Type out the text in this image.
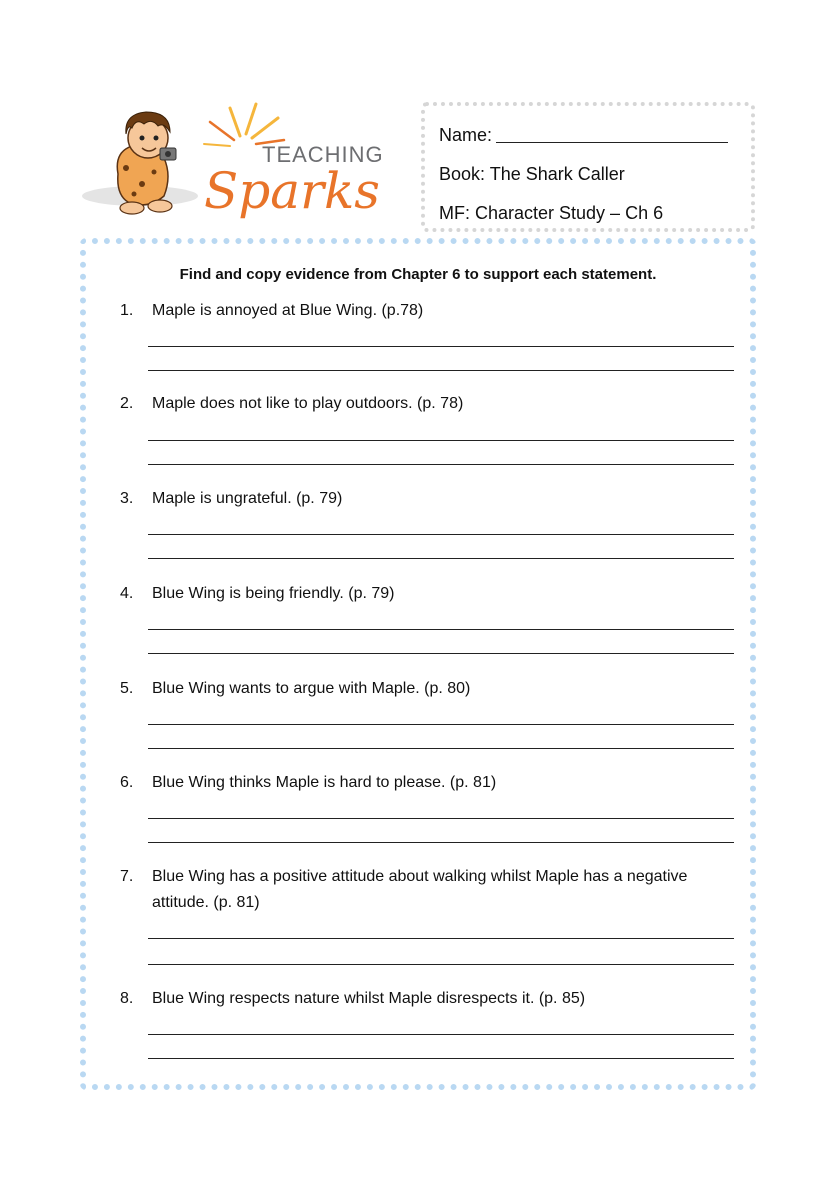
TEACHING
Sparks
Name:
Book: The Shark Caller
MF: Character Study – Ch 6
Find and copy evidence from Chapter 6 to support each statement.
1. Maple is annoyed at Blue Wing. (p.78)
2. Maple does not like to play outdoors. (p. 78)
3. Maple is ungrateful. (p. 79)
4. Blue Wing is being friendly. (p. 79)
5. Blue Wing wants to argue with Maple. (p. 80)
6. Blue Wing thinks Maple is hard to please. (p. 81)
7. Blue Wing has a positive attitude about walking whilst Maple has a negative attitude. (p. 81)
8. Blue Wing respects nature whilst Maple disrespects it. (p. 85)
